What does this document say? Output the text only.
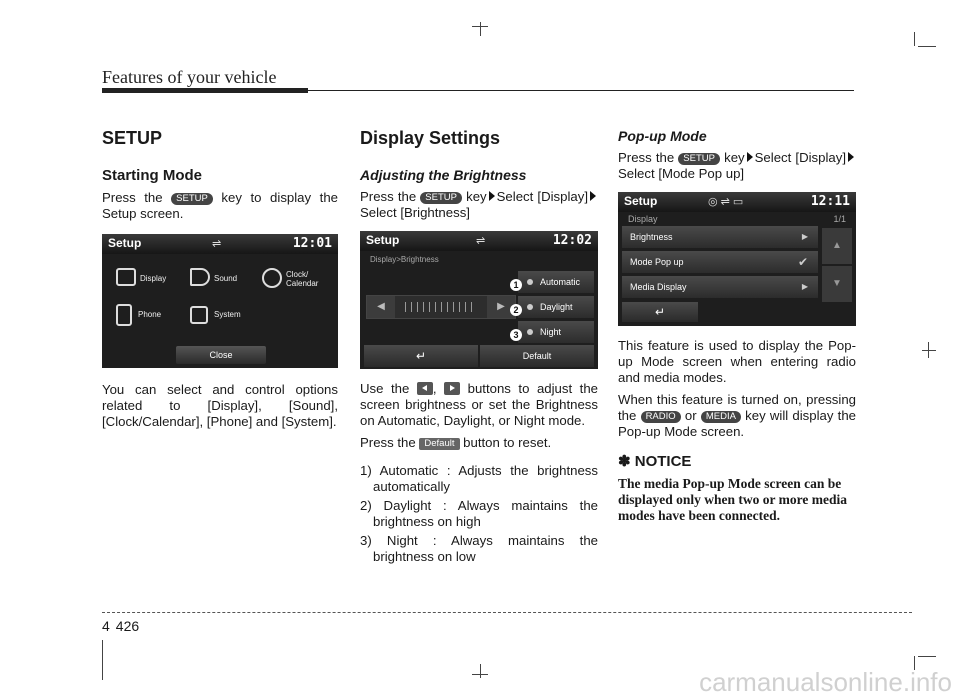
Features of your vehicle
SETUP
Starting Mode

Press the SETUP key to display the Setup screen.

Setup	⇌	12:01
Display	Sound	Clock/ Calendar
Phone	System
Close

You can select and control options related to [Display], [Sound], [Clock/Calendar], [Phone] and [System].

Display Settings
Adjusting the Brightness

Press the SETUP key Select [Display]Select [Brightness]

Setup	⇌	12:02
Display>Brightness
◀	▶
Automatic
Daylight
Night
1
2
3
↵	Default

Use the , buttons to adjust the screen brightness or set the Brightness on Automatic, Daylight, or Night mode.

Press the Default button to reset.

1) Automatic : Adjusts the brightness automatically
2) Daylight : Always maintains the brightness on high
3) Night : Always maintains the brightness on low
Pop-up Mode

Press the SETUP key Select [Display]Select [Mode Pop up]

Setup	◎ ⇌ ▭	12:11
Display	1/1
Brightness	▶
Mode Pop up	✔
Media Display	▶
▲
▼
↵

This feature is used to display the Pop-up Mode screen when entering radio and media modes.

When this feature is turned on, pressing the RADIO or MEDIA key will display the Pop-up Mode screen.

✽ NOTICE
The media Pop-up Mode screen can be displayed only when two or more media modes have been connected.
4 426
carmanualsonline.info
